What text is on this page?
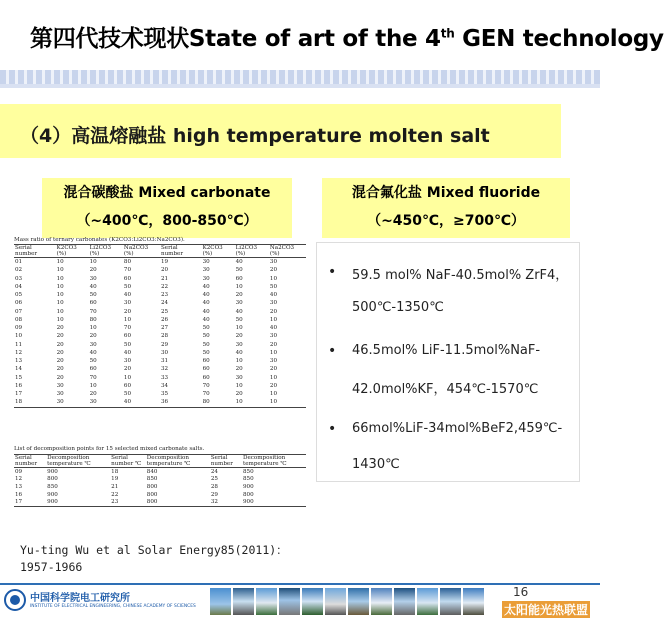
第四代技术现状State of art of the 4th GEN technology
（4）高温熔融盐 high temperature molten salt
混合碳酸盐 Mixed carbonate
（~400℃，800-850℃）
Mass ratio of ternary carbonates (K2CO3:Li2CO3:Na2CO3).
Serial number	K2CO3 (%)	Li2CO3 (%)	Na2CO3 (%)	Serial number	K2CO3 (%)	Li2CO3 (%)	Na2CO3 (%)
01	10	10	80	19	30	40	30
02	10	20	70	20	30	50	20
03	10	30	60	21	30	60	10
04	10	40	50	22	40	10	50
05	10	50	40	23	40	20	40
06	10	60	30	24	40	30	30
07	10	70	20	25	40	40	20
08	10	80	10	26	40	50	10
09	20	10	70	27	50	10	40
10	20	20	60	28	50	20	30
11	20	30	50	29	50	30	20
12	20	40	40	30	50	40	10
13	20	50	30	31	60	10	30
14	20	60	20	32	60	20	20
15	20	70	10	33	60	30	10
16	30	10	60	34	70	10	20
17	30	20	50	35	70	20	10
18	30	30	40	36	80	10	10
List of decomposition points for 15 selected mixed carbonate salts.
Serial number	Decomposition temperature ℃	Serial number ℃	Decomposition temperature ℃	Serial number	Decomposition temperature ℃
09	900	18	840	24	850
12	800	19	850	25	850
13	850	21	800	28	900
16	900	22	800	29	800
17	900	23	800	32	900
混合氟化盐 Mixed fluoride
（~450℃，≥700℃）
• 59.5 mol% NaF-40.5mol% ZrF4，
500℃-1350℃
• 46.5mol% LiF-11.5mol%NaF-
42.0mol%KF，454℃-1570℃
• 66mol%LiF-34mol%BeF2,459℃-
1430℃
Yu-ting Wu et al Solar Energy85(2011)：
1957-1966
中国科学院电工研究所
INSTITUTE OF ELECTRICAL ENGINEERING, CHINESE ACADEMY OF SCIENCES
16
太阳能光热联盟
